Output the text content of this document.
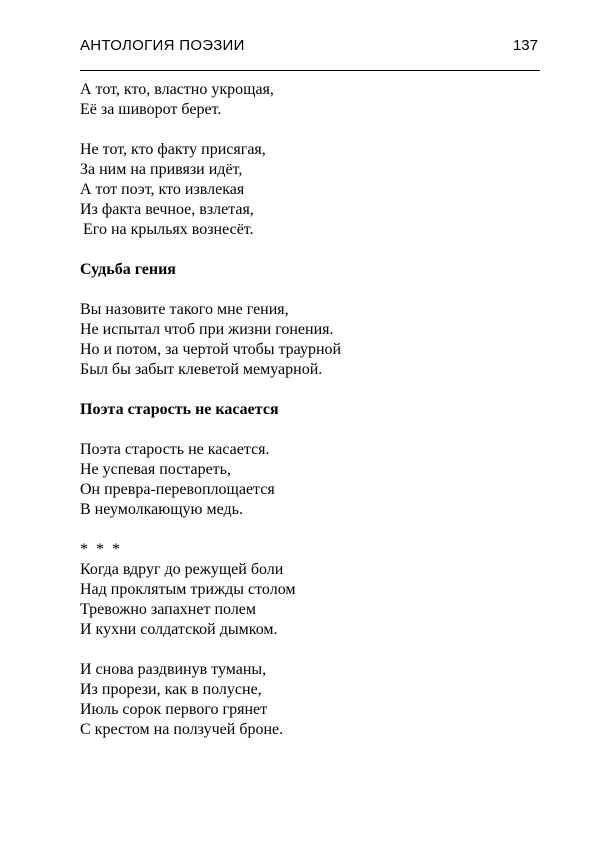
АНТОЛОГИЯ ПОЭЗИИ	137
А тот, кто, властно укрощая,
Её за шиворот берет.
Не тот, кто факту присягая,
За ним на привязи идёт,
А тот поэт, кто извлекая
Из факта вечное, взлетая,
Его на крыльях вознесёт.
Судьба гения
Вы назовите такого мне гения,
Не испытал чтоб при жизни гонения.
Но и потом, за чертой чтобы траурной
Был бы забыт клеветой мемуарной.
Поэта старость не касается
Поэта старость не касается.
Не успевая постареть,
Он превра-перевоплощается
В неумолкающую медь.
* * *
Когда вдруг до режущей боли
Над проклятым трижды столом
Тревожно запахнет полем
И кухни солдатской дымком.
И снова раздвинув туманы,
Из прорези, как в полусне,
Июль сорок первого грянет
С крестом на ползучей броне.
